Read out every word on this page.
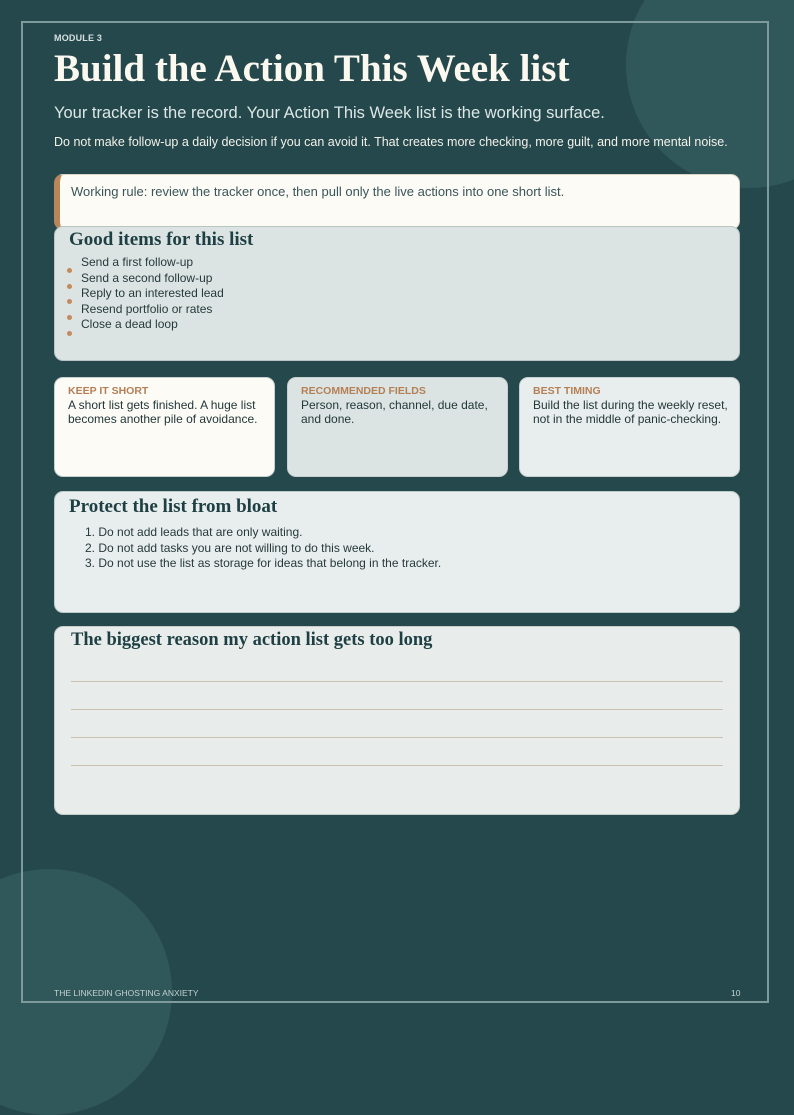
MODULE 3
Build the Action This Week list

Your tracker is the record. Your Action This Week list is the working surface.

Do not make follow-up a daily decision if you can avoid it. That creates more checking, more guilt, and more mental noise.

Working rule: review the tracker once, then pull only the live actions into one short list.
Good items for this list
Send a first follow-up
Send a second follow-up
Reply to an interested lead
Resend portfolio or rates
Close a dead loop
KEEP IT SHORT

A short list gets finished. A huge list becomes another pile of avoidance.

RECOMMENDED FIELDS

Person, reason, channel, due date, and done.

BEST TIMING

Build the list during the weekly reset, not in the middle of panic-checking.

Protect the list from bloat
1. Do not add leads that are only waiting.
2. Do not add tasks you are not willing to do this week.
3. Do not use the list as storage for ideas that belong in the tracker.
The biggest reason my action list gets too long
THE LINKEDIN GHOSTING ANXIETY	10
